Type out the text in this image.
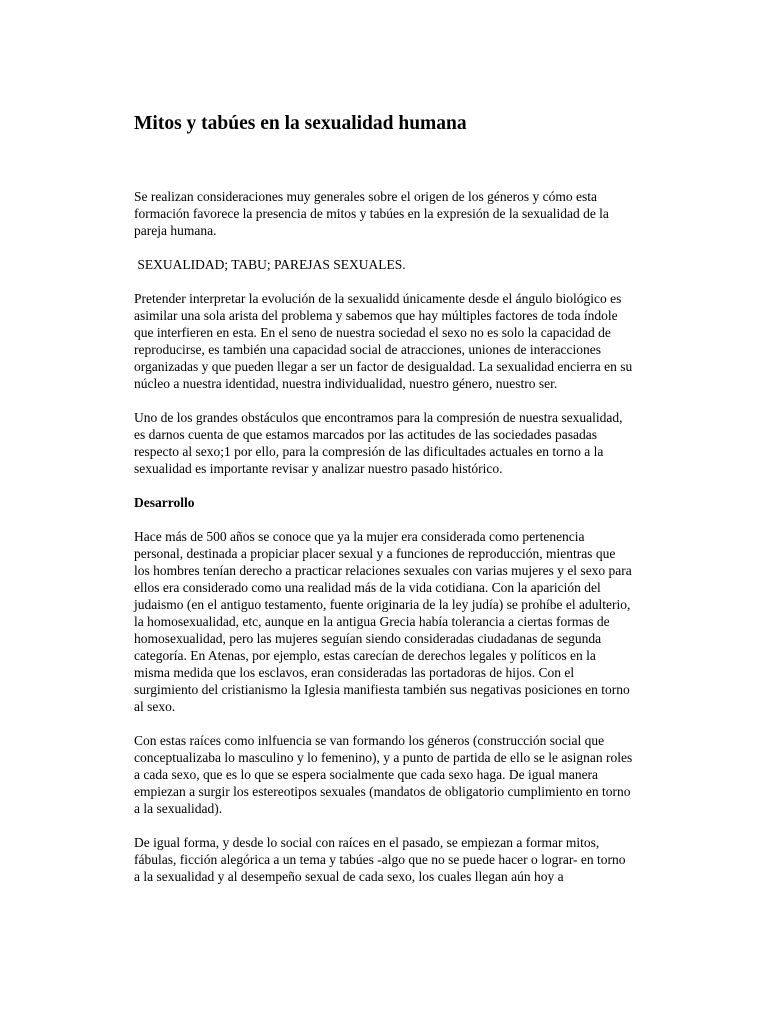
Mitos y tabúes en la sexualidad humana

Se realizan consideraciones muy generales sobre el origen de los géneros y cómo esta formación favorece la presencia de mitos y tabúes en la expresión de la sexualidad de la pareja humana.

SEXUALIDAD; TABU; PAREJAS SEXUALES.

Pretender interpretar la evolución de la sexualidd únicamente desde el ángulo biológico es asimilar una sola arista del problema y sabemos que hay múltiples factores de toda índole que interfieren en esta. En el seno de nuestra sociedad el sexo no es solo la capacidad de reproducirse, es también una capacidad social de atracciones, uniones de interacciones organizadas y que pueden llegar a ser un factor de desigualdad. La sexualidad encierra en su núcleo a nuestra identidad, nuestra individualidad, nuestro género, nuestro ser.

Uno de los grandes obstáculos que encontramos para la compresión de nuestra sexualidad, es darnos cuenta de que estamos marcados por las actitudes de las sociedades pasadas respecto al sexo;1 por ello, para la compresión de las dificultades actuales en torno a la sexualidad es importante revisar y analizar nuestro pasado histórico.

Desarrollo

Hace más de 500 años se conoce que ya la mujer era considerada como pertenencia personal, destinada a propiciar placer sexual y a funciones de reproducción, mientras que los hombres tenían derecho a practicar relaciones sexuales con varias mujeres y el sexo para ellos era considerado como una realidad más de la vida cotidiana. Con la aparición del judaismo (en el antiguo testamento, fuente originaria de la ley judía) se prohíbe el adulterio, la homosexualidad, etc, aunque en la antigua Grecia había tolerancia a ciertas formas de homosexualidad, pero las mujeres seguían siendo consideradas ciudadanas de segunda categoría. En Atenas, por ejemplo, estas carecían de derechos legales y políticos en la misma medida que los esclavos, eran consideradas las portadoras de hijos. Con el surgimiento del cristianismo la Iglesia manifiesta también sus negativas posiciones en torno al sexo.

Con estas raíces como inlfuencia se van formando los géneros (construcción social que conceptualizaba lo masculino y lo femenino), y a punto de partida de ello se le asignan roles a cada sexo, que es lo que se espera socialmente que cada sexo haga. De igual manera empiezan a surgir los estereotipos sexuales (mandatos de obligatorio cumplimiento en torno a la sexualidad).

De igual forma, y desde lo social con raíces en el pasado, se empiezan a formar mitos, fábulas, ficción alegórica a un tema y tabúes -algo que no se puede hacer o lograr- en torno a la sexualidad y al desempeño sexual de cada sexo, los cuales llegan aún hoy a
